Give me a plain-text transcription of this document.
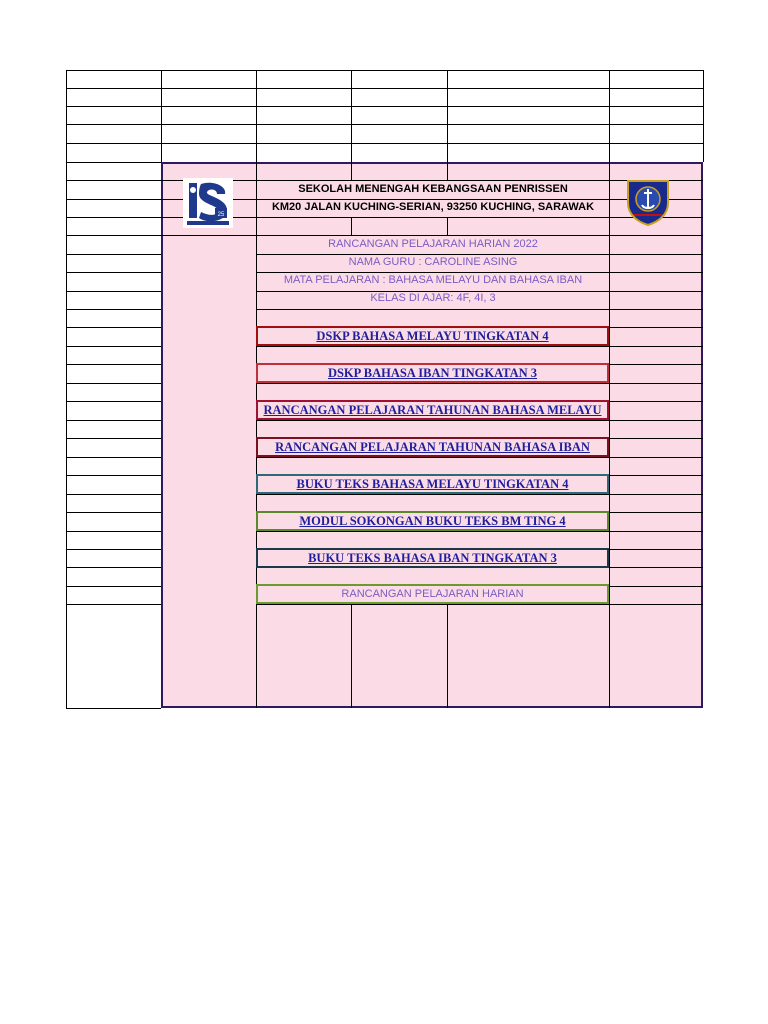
25
SEKOLAH MENENGAH KEBANGSAAN PENRISSEN
KM20 JALAN KUCHING-SERIAN, 93250 KUCHING, SARAWAK
RANCANGAN PELAJARAN HARIAN 2022
NAMA GURU : CAROLINE ASING
MATA PELAJARAN : BAHASA MELAYU DAN BAHASA IBAN
KELAS DI AJAR: 4F, 4I, 3
DSKP BAHASA MELAYU TINGKATAN 4
DSKP BAHASA IBAN TINGKATAN 3
RANCANGAN PELAJARAN TAHUNAN BAHASA MELAYU
RANCANGAN PELAJARAN TAHUNAN BAHASA IBAN
BUKU TEKS BAHASA MELAYU TINGKATAN 4
MODUL SOKONGAN BUKU TEKS BM TING 4
BUKU TEKS BAHASA IBAN TINGKATAN 3
RANCANGAN PELAJARAN HARIAN
